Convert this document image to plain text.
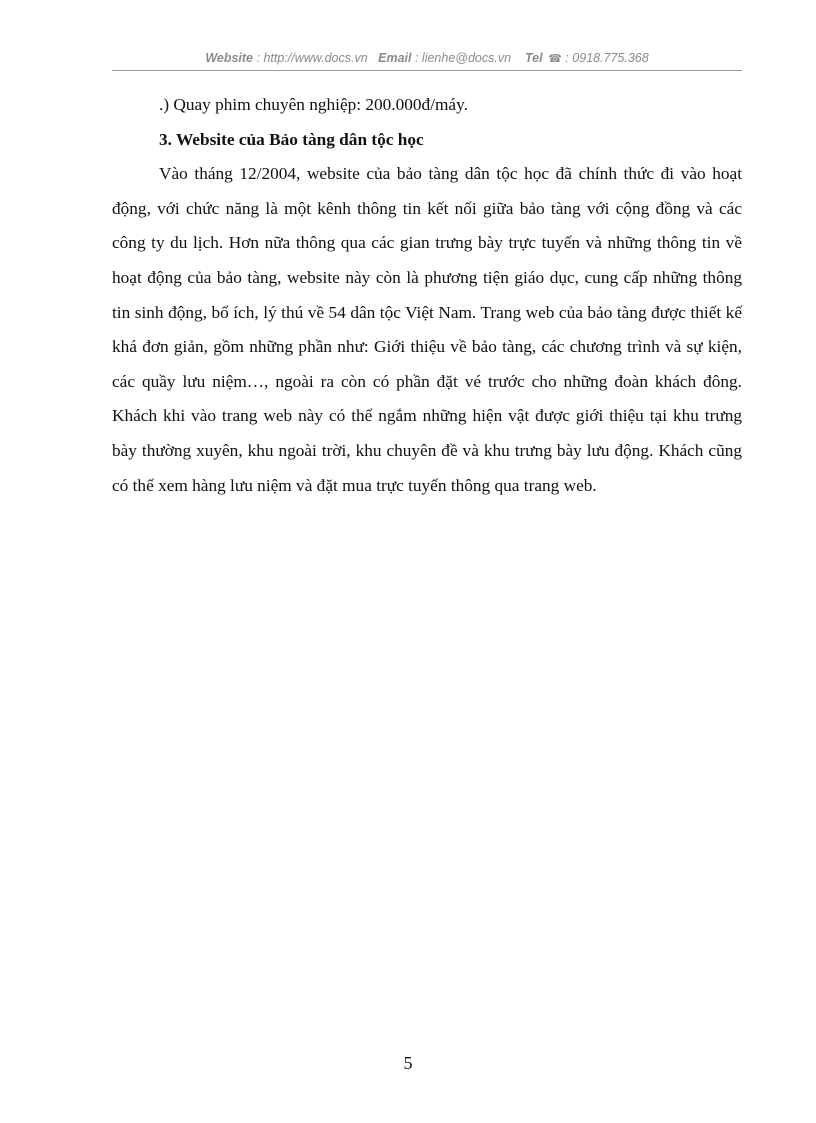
Website : http://www.docs.vn Email : lienhe@docs.vn Tel ☎ : 0918.775.368

.) Quay phim chuyên nghiệp: 200.000đ/máy.

3. Website của Bảo tàng dân tộc học

Vào tháng 12/2004, website của bảo tàng dân tộc học đã chính thức đi vào hoạt động, với chức năng là một kênh thông tin kết nối giữa bảo tàng với cộng đồng và các công ty du lịch. Hơn nữa thông qua các gian trưng bày trực tuyến và những thông tin về hoạt động của bảo tàng, website này còn là phương tiện giáo dục, cung cấp những thông tin sinh động, bổ ích, lý thú về 54 dân tộc Việt Nam. Trang web của bảo tàng được thiết kế khá đơn giản, gồm những phần như: Giới thiệu về bảo tàng, các chương trình và sự kiện, các quầy lưu niệm…, ngoài ra còn có phần đặt vé trước cho những đoàn khách đông. Khách khi vào trang web này có thể ngắm những hiện vật được giới thiệu tại khu trưng bày thường xuyên, khu ngoài trời, khu chuyên đề và khu trưng bày lưu động. Khách cũng có thể xem hàng lưu niệm và đặt mua trực tuyến thông qua trang web.

5
